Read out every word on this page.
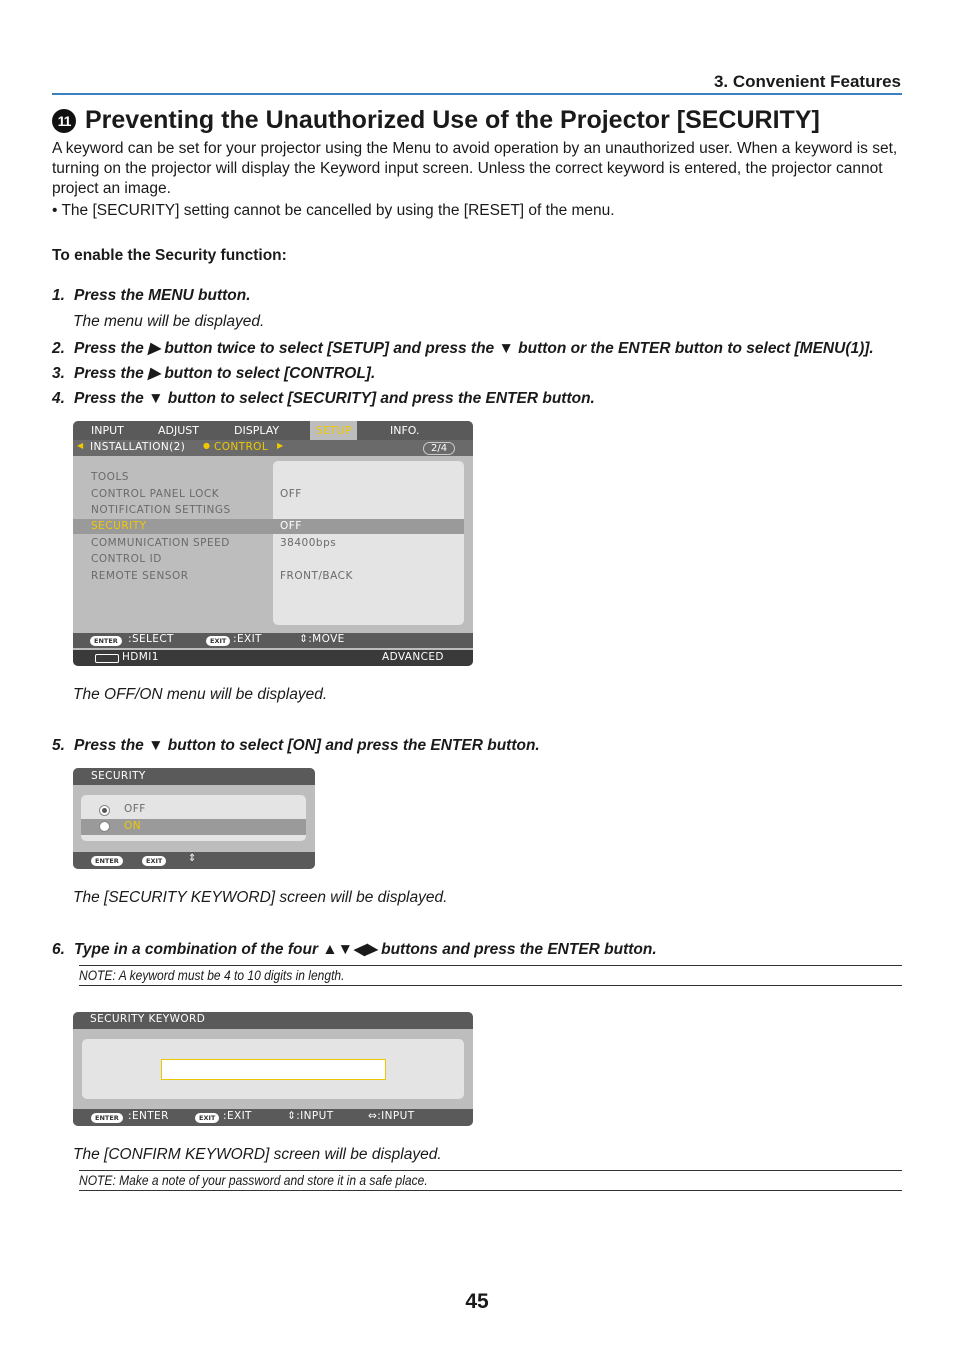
3. Convenient Features
11 Preventing the Unauthorized Use of the Projector [SECURITY]
A keyword can be set for your projector using the Menu to avoid operation by an unauthorized user. When a keyword is set, turning on the projector will display the Keyword input screen. Unless the correct keyword is entered, the projector cannot project an image.
• The [SECURITY] setting cannot be cancelled by using the [RESET] of the menu.
To enable the Security function:
1. Press the MENU button.
The menu will be displayed.
2. Press the ▶ button twice to select [SETUP] and press the ▼ button or the ENTER button to select [MENU(1)].
3. Press the ▶ button to select [CONTROL].
4. Press the ▼ button to select [SECURITY] and press the ENTER button.
INPUT	ADJUST	DISPLAY	SETUP	INFO.
◀ INSTALLATION(2) ● CONTROL ▶	2/4
TOOLS
CONTROL PANEL LOCK	OFF
NOTIFICATION SETTINGS
SECURITY	OFF
COMMUNICATION SPEED	38400bps
CONTROL ID
REMOTE SENSOR	FRONT/BACK
ENTER :SELECT	EXIT :EXIT	⇕:MOVE
HDMI1	ADVANCED
The OFF/ON menu will be displayed.
5. Press the ▼ button to select [ON] and press the ENTER button.
SECURITY
OFF
ON
ENTER	EXIT	⇕
The [SECURITY KEYWORD] screen will be displayed.
6. Type in a combination of the four ▲▼◀▶ buttons and press the ENTER button.
NOTE: A keyword must be 4 to 10 digits in length.
SECURITY KEYWORD
ENTER :ENTER	EXIT :EXIT	⇕:INPUT	⇔:INPUT
The [CONFIRM KEYWORD] screen will be displayed.
NOTE: Make a note of your password and store it in a safe place.
45
